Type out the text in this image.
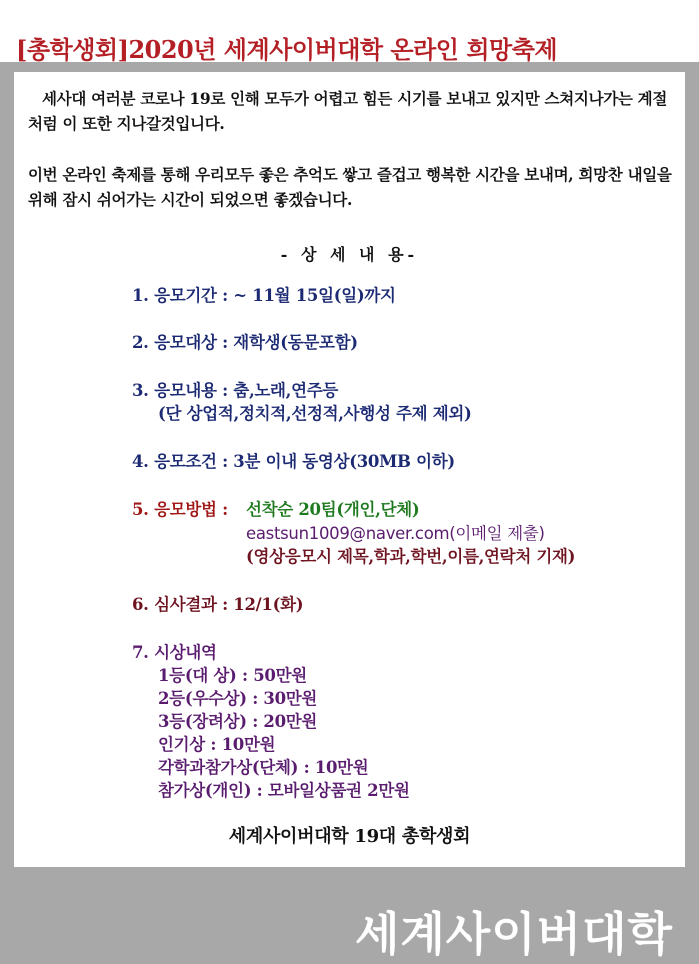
[총학생회]2020년 세계사이버대학 온라인 희망축제

세사대 여러분 코로나 19로 인해 모두가 어렵고 힘든 시기를 보내고 있지만 스쳐지나가는 계절처럼 이 또한 지나갈것입니다.

이번 온라인 축제를 통해 우리모두 좋은 추억도 쌓고 즐겁고 행복한 시간을 보내며, 희망찬 내일을 위해 잠시 쉬어가는 시간이 되었으면 좋겠습니다.

- 상 세 내 용-
1. 응모기간 : ~ 11월 15일(일)까지
2. 응모대상 : 재학생(동문포함)
3. 응모내용 : 춤,노래,연주등
(단 상업적,정치적,선정적,사행성 주제 제외)
4. 응모조건 : 3분 이내 동영상(30MB 이하)
5. 응모방법 : 선착순 20팀(개인,단체)
eastsun1009@naver.com(이메일 제출)
(영상응모시 제목,학과,학번,이름,연락처 기재)
6. 심사결과 : 12/1(화)
7. 시상내역
1등(대 상) : 50만원
2등(우수상) : 30만원
3등(장려상) : 20만원
인기상 : 10만원
각학과참가상(단체) : 10만원
참가상(개인) : 모바일상품권 2만원
세계사이버대학 19대 총학생회
세계사이버대학
